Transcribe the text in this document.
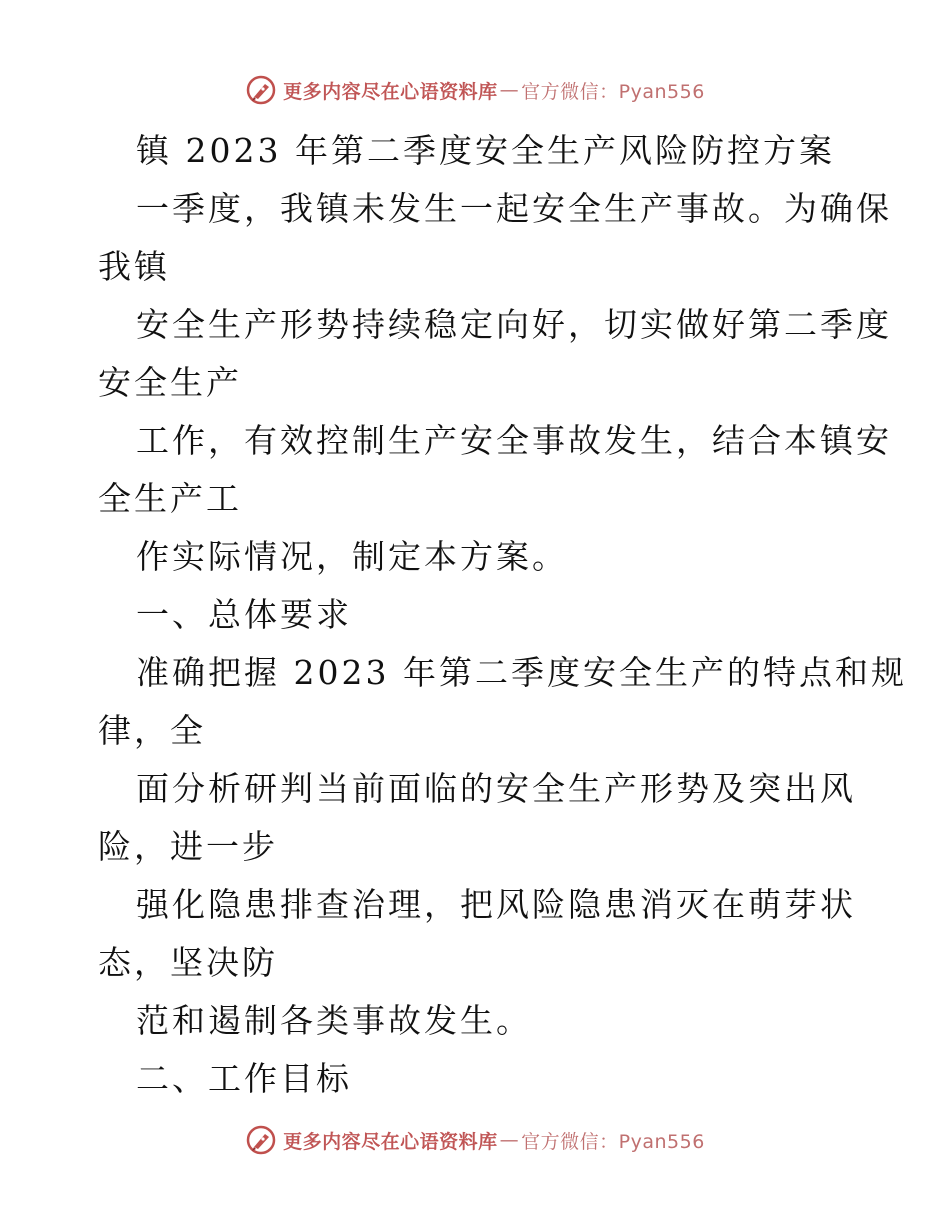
更多内容尽在心语资料库 — 官方微信：Pyan556
镇 2023 年第二季度安全生产风险防控方案
一季度，我镇未发生一起安全生产事故。为确保
我镇
安全生产形势持续稳定向好，切实做好第二季度
安全生产
工作，有效控制生产安全事故发生，结合本镇安
全生产工
作实际情况，制定本方案。
一、总体要求
准确把握 2023 年第二季度安全生产的特点和规
律，全
面分析研判当前面临的安全生产形势及突出风
险，进一步
强化隐患排查治理，把风险隐患消灭在萌芽状
态，坚决防
范和遏制各类事故发生。
二、工作目标
更多内容尽在心语资料库 — 官方微信：Pyan556
